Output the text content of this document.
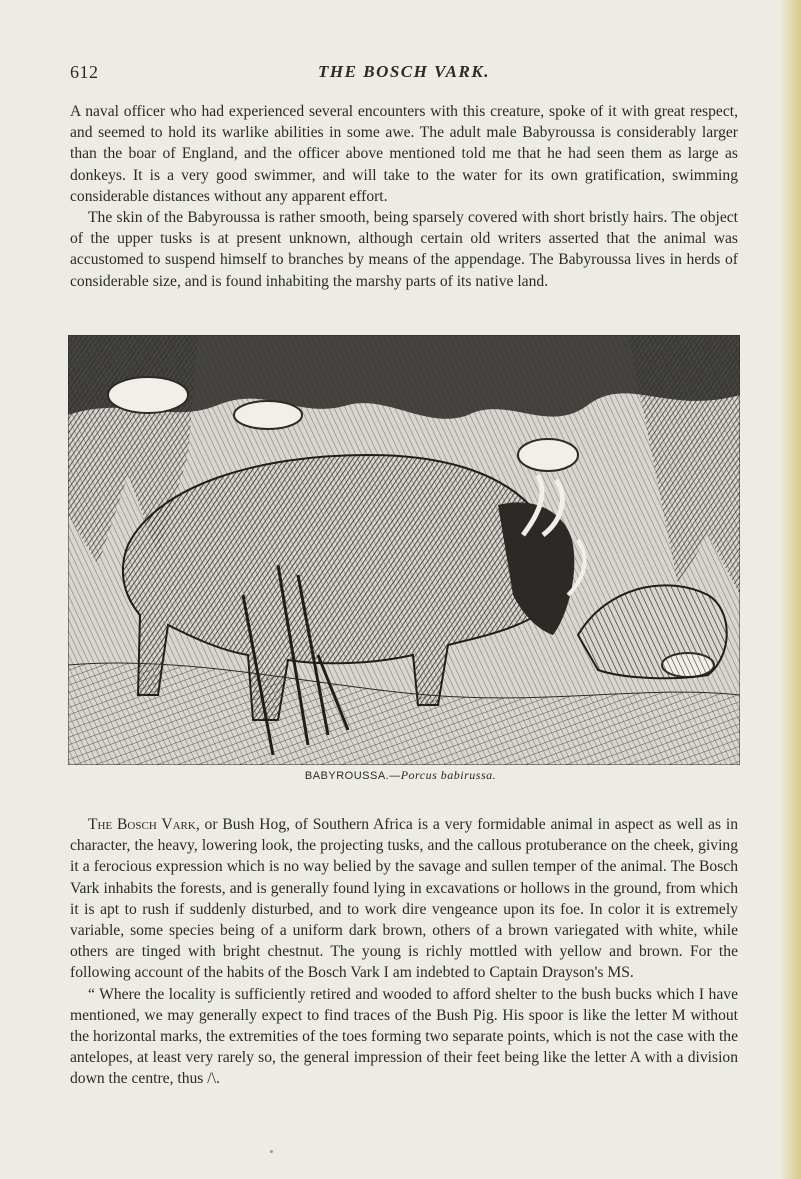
612	THE BOSCH VARK.

A naval officer who had experienced several encounters with this creature, spoke of it with great respect, and seemed to hold its warlike abilities in some awe. The adult male Babyroussa is considerably larger than the boar of England, and the officer above mentioned told me that he had seen them as large as donkeys. It is a very good swimmer, and will take to the water for its own gratification, swimming considerable distances without any apparent effort.

The skin of the Babyroussa is rather smooth, being sparsely covered with short bristly hairs. The object of the upper tusks is at present unknown, although certain old writers asserted that the animal was accustomed to suspend himself to branches by means of the appendage. The Babyroussa lives in herds of considerable size, and is found inhabiting the marshy parts of its native land.

BABYROUSSA.—Porcus babirussa.

The Bosch Vark, or Bush Hog, of Southern Africa is a very formidable animal in aspect as well as in character, the heavy, lowering look, the projecting tusks, and the callous protuberance on the cheek, giving it a ferocious expression which is no way belied by the savage and sullen temper of the animal. The Bosch Vark inhabits the forests, and is generally found lying in excavations or hollows in the ground, from which it is apt to rush if suddenly disturbed, and to work dire vengeance upon its foe. In color it is extremely variable, some species being of a uniform dark brown, others of a brown variegated with white, while others are tinged with bright chestnut. The young is richly mottled with yellow and brown. For the following account of the habits of the Bosch Vark I am indebted to Captain Drayson's MS.

“ Where the locality is sufficiently retired and wooded to afford shelter to the bush bucks which I have mentioned, we may generally expect to find traces of the Bush Pig. His spoor is like the letter M without the horizontal marks, the extremities of the toes forming two separate points, which is not the case with the antelopes, at least very rarely so, the general impression of their feet being like the letter A with a division down the centre, thus /\.
